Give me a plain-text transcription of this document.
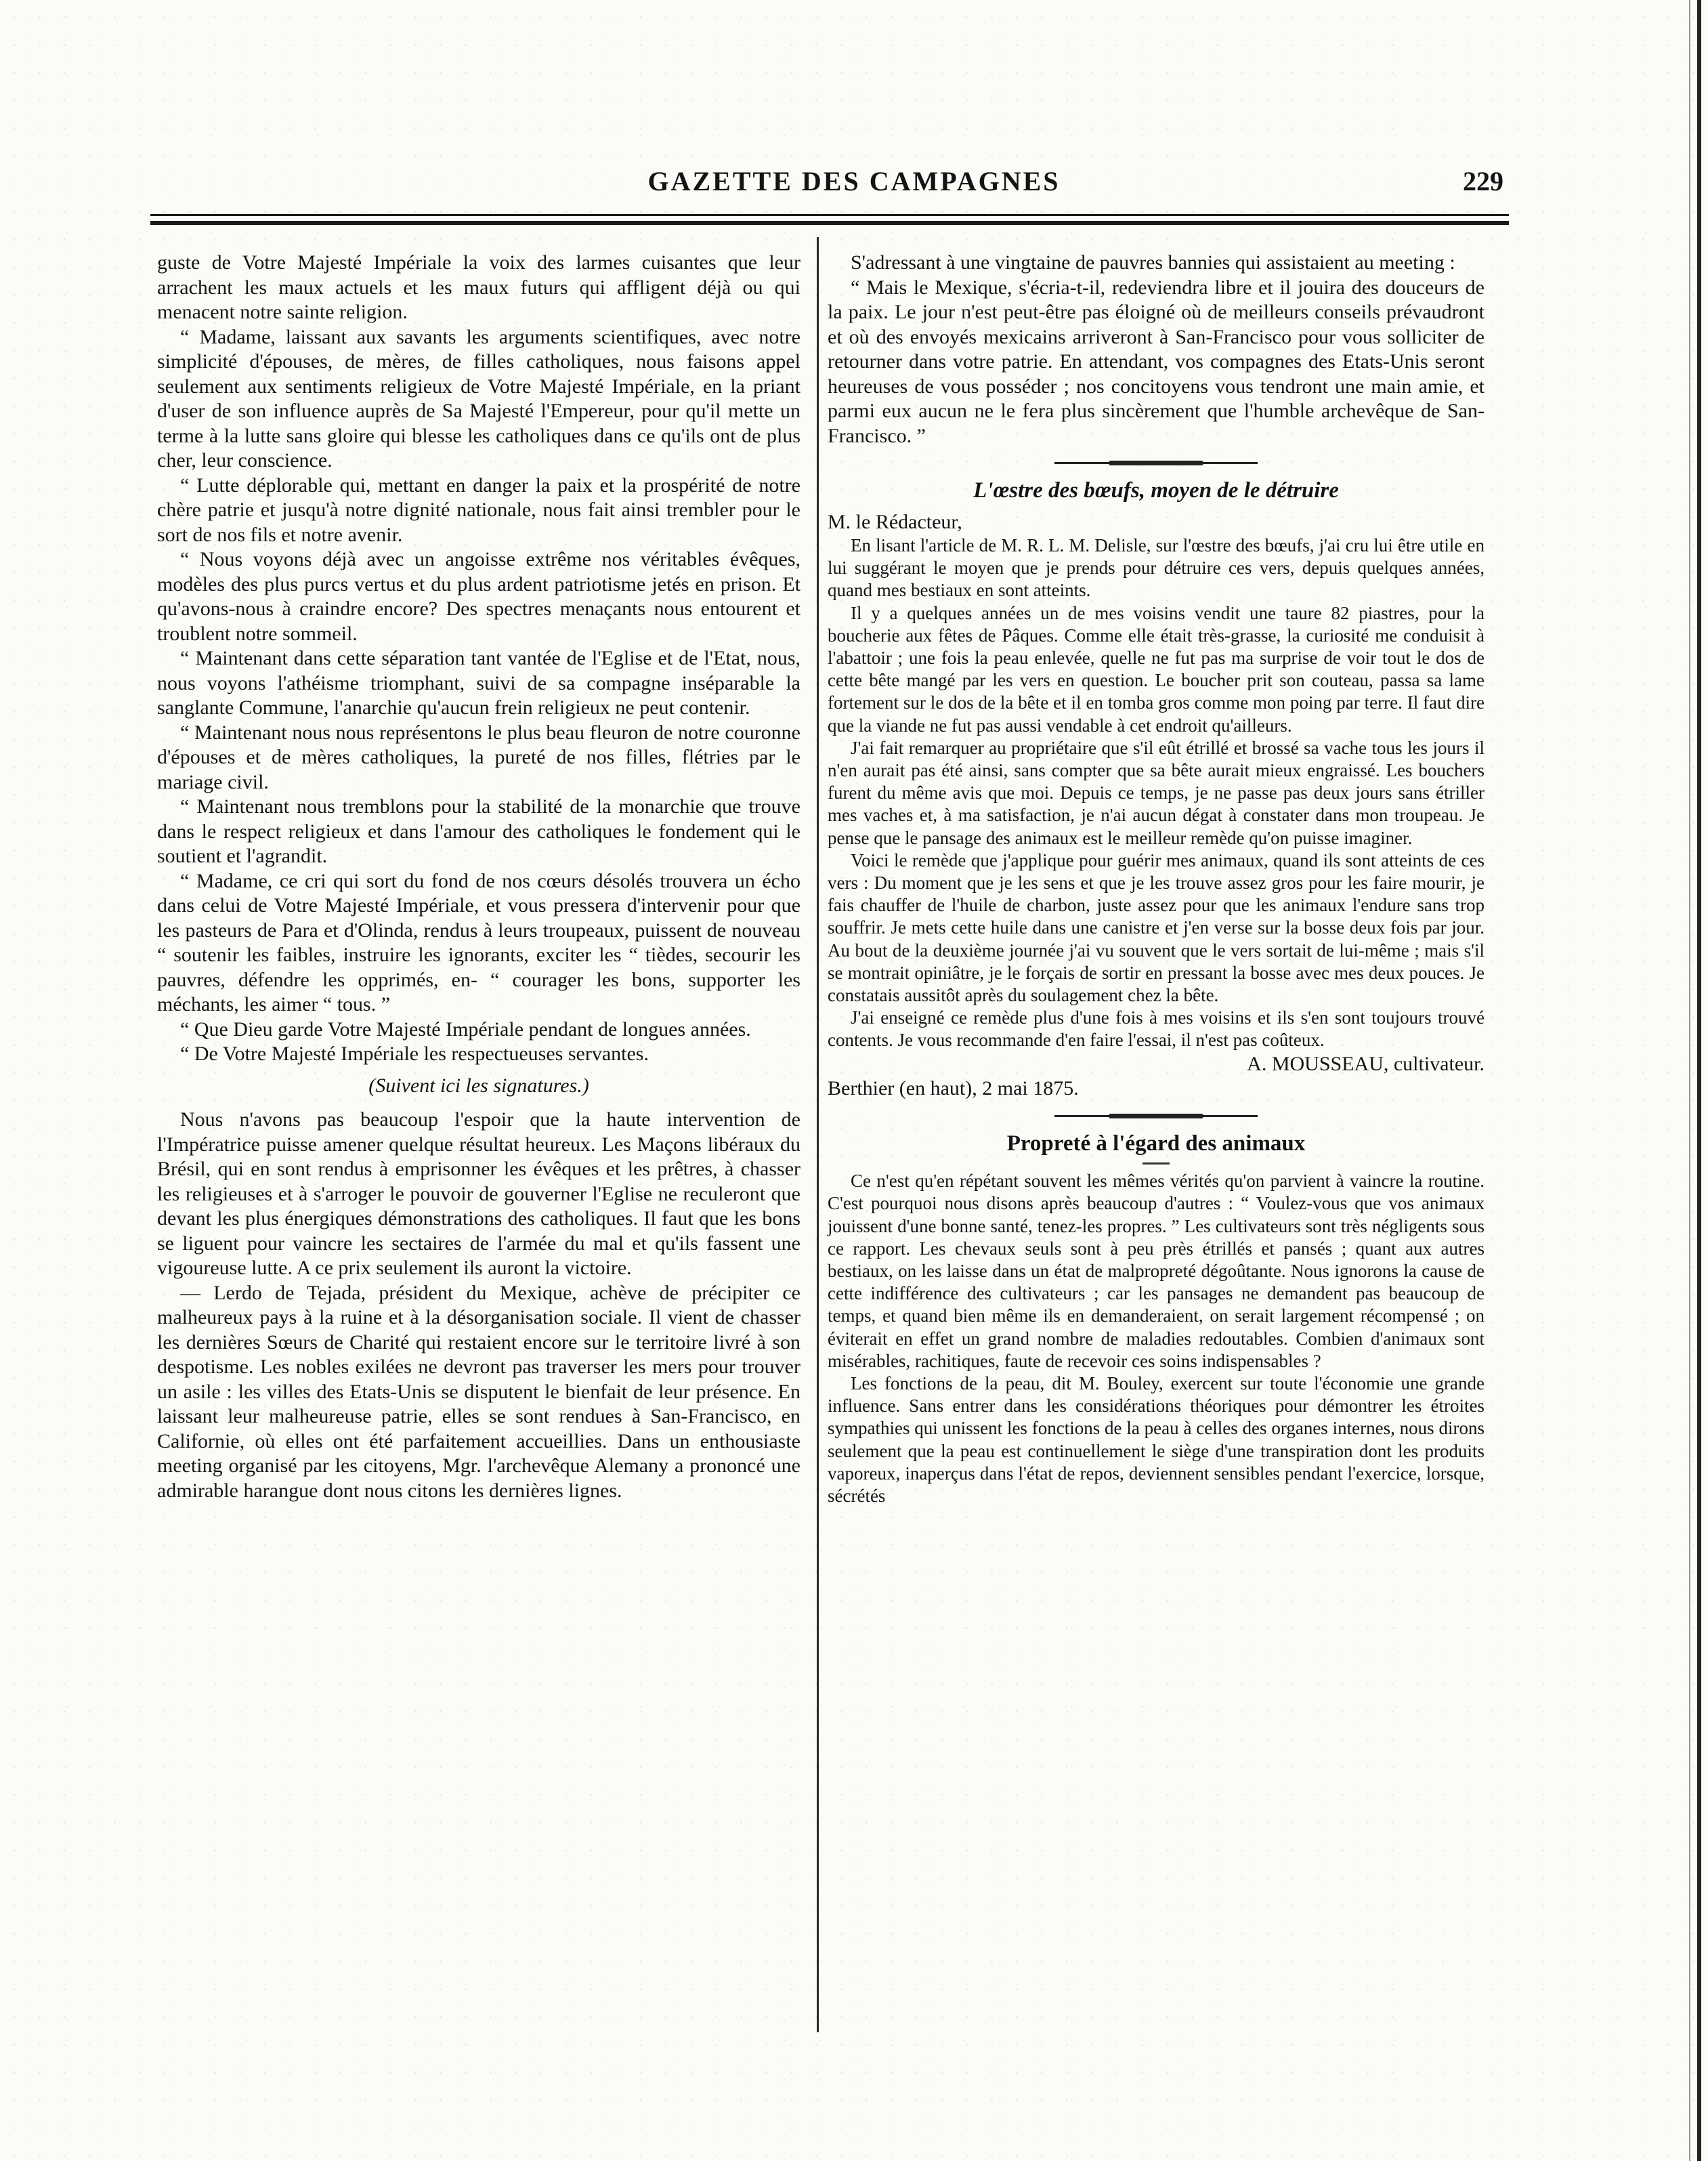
GAZETTE DES CAMPAGNES	229

guste de Votre Majesté Impériale la voix des larmes cuisantes que leur arrachent les maux actuels et les maux futurs qui affligent déjà ou qui menacent notre sainte religion.

“ Madame, laissant aux savants les arguments scientifiques, avec notre simplicité d'épouses, de mères, de filles catholiques, nous faisons appel seulement aux sentiments religieux de Votre Majesté Impériale, en la priant d'user de son influence auprès de Sa Majesté l'Empereur, pour qu'il mette un terme à la lutte sans gloire qui blesse les catholiques dans ce qu'ils ont de plus cher, leur conscience.

“ Lutte déplorable qui, mettant en danger la paix et la prospérité de notre chère patrie et jusqu'à notre dignité nationale, nous fait ainsi trembler pour le sort de nos fils et notre avenir.

“ Nous voyons déjà avec un angoisse extrême nos véritables évêques, modèles des plus purcs vertus et du plus ardent patriotisme jetés en prison. Et qu'avons-nous à craindre encore? Des spectres menaçants nous entourent et troublent notre sommeil.

“ Maintenant dans cette séparation tant vantée de l'Eglise et de l'Etat, nous, nous voyons l'athéisme triomphant, suivi de sa compagne inséparable la sanglante Commune, l'anarchie qu'aucun frein religieux ne peut contenir.

“ Maintenant nous nous représentons le plus beau fleuron de notre couronne d'épouses et de mères catholiques, la pureté de nos filles, flétries par le mariage civil.

“ Maintenant nous tremblons pour la stabilité de la monarchie que trouve dans le respect religieux et dans l'amour des catholiques le fondement qui le soutient et l'agrandit.

“ Madame, ce cri qui sort du fond de nos cœurs désolés trouvera un écho dans celui de Votre Majesté Impériale, et vous pressera d'intervenir pour que les pasteurs de Para et d'Olinda, rendus à leurs troupeaux, puissent de nouveau “ soutenir les faibles, instruire les ignorants, exciter les “ tièdes, secourir les pauvres, défendre les opprimés, en- “ courager les bons, supporter les méchants, les aimer “ tous. ”

“ Que Dieu garde Votre Majesté Impériale pendant de longues années.

“ De Votre Majesté Impériale les respectueuses servantes.

(Suivent ici les signatures.)

Nous n'avons pas beaucoup l'espoir que la haute intervention de l'Impératrice puisse amener quelque résultat heureux. Les Maçons libéraux du Brésil, qui en sont rendus à emprisonner les évêques et les prêtres, à chasser les religieuses et à s'arroger le pouvoir de gouverner l'Eglise ne reculeront que devant les plus énergiques démonstrations des catholiques. Il faut que les bons se liguent pour vaincre les sectaires de l'armée du mal et qu'ils fassent une vigoureuse lutte. A ce prix seulement ils auront la victoire.

— Lerdo de Tejada, président du Mexique, achève de précipiter ce malheureux pays à la ruine et à la désorganisation sociale. Il vient de chasser les dernières Sœurs de Charité qui restaient encore sur le territoire livré à son despotisme. Les nobles exilées ne devront pas traverser les mers pour trouver un asile : les villes des Etats-Unis se disputent le bienfait de leur présence. En laissant leur malheureuse patrie, elles se sont rendues à San-Francisco, en Californie, où elles ont été parfaitement accueillies. Dans un enthousiaste meeting organisé par les citoyens, Mgr. l'archevêque Alemany a prononcé une admirable harangue dont nous citons les dernières lignes.

S'adressant à une vingtaine de pauvres bannies qui assistaient au meeting :

“ Mais le Mexique, s'écria-t-il, redeviendra libre et il jouira des douceurs de la paix. Le jour n'est peut-être pas éloigné où de meilleurs conseils prévaudront et où des envoyés mexicains arriveront à San-Francisco pour vous solliciter de retourner dans votre patrie. En attendant, vos compagnes des Etats-Unis seront heureuses de vous posséder ; nos concitoyens vous tendront une main amie, et parmi eux aucun ne le fera plus sincèrement que l'humble archevêque de San-Francisco. ”

L'œstre des bœufs, moyen de le détruire

M. le Rédacteur,

En lisant l'article de M. R. L. M. Delisle, sur l'œstre des bœufs, j'ai cru lui être utile en lui suggérant le moyen que je prends pour détruire ces vers, depuis quelques années, quand mes bestiaux en sont atteints.

Il y a quelques années un de mes voisins vendit une taure 82 piastres, pour la boucherie aux fêtes de Pâques. Comme elle était très-grasse, la curiosité me conduisit à l'abattoir ; une fois la peau enlevée, quelle ne fut pas ma surprise de voir tout le dos de cette bête mangé par les vers en question. Le boucher prit son couteau, passa sa lame fortement sur le dos de la bête et il en tomba gros comme mon poing par terre. Il faut dire que la viande ne fut pas aussi vendable à cet endroit qu'ailleurs.

J'ai fait remarquer au propriétaire que s'il eût étrillé et brossé sa vache tous les jours il n'en aurait pas été ainsi, sans compter que sa bête aurait mieux engraissé. Les bouchers furent du même avis que moi. Depuis ce temps, je ne passe pas deux jours sans étriller mes vaches et, à ma satisfaction, je n'ai aucun dégat à constater dans mon troupeau. Je pense que le pansage des animaux est le meilleur remède qu'on puisse imaginer.

Voici le remède que j'applique pour guérir mes animaux, quand ils sont atteints de ces vers : Du moment que je les sens et que je les trouve assez gros pour les faire mourir, je fais chauffer de l'huile de charbon, juste assez pour que les animaux l'endure sans trop souffrir. Je mets cette huile dans une canistre et j'en verse sur la bosse deux fois par jour. Au bout de la deuxième journée j'ai vu souvent que le vers sortait de lui-même ; mais s'il se montrait opiniâtre, je le forçais de sortir en pressant la bosse avec mes deux pouces. Je constatais aussitôt après du soulagement chez la bête.

J'ai enseigné ce remède plus d'une fois à mes voisins et ils s'en sont toujours trouvé contents. Je vous recommande d'en faire l'essai, il n'est pas coûteux.

A. MOUSSEAU, cultivateur.

Berthier (en haut), 2 mai 1875.

Propreté à l'égard des animaux

Ce n'est qu'en répétant souvent les mêmes vérités qu'on parvient à vaincre la routine. C'est pourquoi nous disons après beaucoup d'autres : “ Voulez-vous que vos animaux jouissent d'une bonne santé, tenez-les propres. ” Les cultivateurs sont très négligents sous ce rapport. Les chevaux seuls sont à peu près étrillés et pansés ; quant aux autres bestiaux, on les laisse dans un état de malpropreté dégoûtante. Nous ignorons la cause de cette indifférence des cultivateurs ; car les pansages ne demandent pas beaucoup de temps, et quand bien même ils en demanderaient, on serait largement récompensé ; on éviterait en effet un grand nombre de maladies redoutables. Combien d'animaux sont misérables, rachitiques, faute de recevoir ces soins indispensables ?

Les fonctions de la peau, dit M. Bouley, exercent sur toute l'économie une grande influence. Sans entrer dans les considérations théoriques pour démontrer les étroites sympathies qui unissent les fonctions de la peau à celles des organes internes, nous dirons seulement que la peau est continuellement le siège d'une transpiration dont les produits vaporeux, inaperçus dans l'état de repos, deviennent sensibles pendant l'exercice, lorsque, sécrétés
